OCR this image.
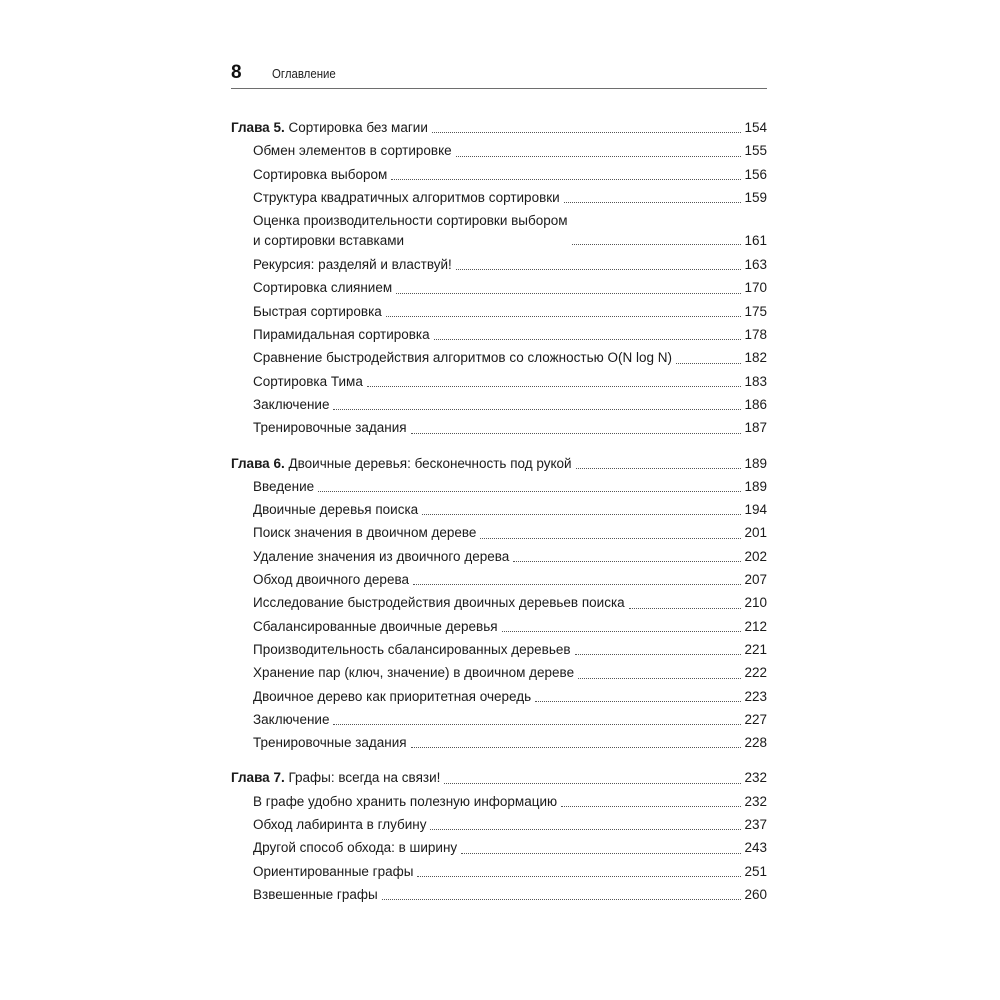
8 Оглавление
Глава 5. Сортировка без магии	154
Обмен элементов в сортировке	155
Сортировка выбором	156
Структура квадратичных алгоритмов сортировки	159
Оценка производительности сортировки выбором
и сортировки вставками	161
Рекурсия: разделяй и властвуй!	163
Сортировка слиянием	170
Быстрая сортировка	175
Пирамидальная сортировка	178
Сравнение быстродействия алгоритмов со сложностью O(N log N)	182
Сортировка Тима	183
Заключение	186
Тренировочные задания	187
Глава 6. Двоичные деревья: бесконечность под рукой	189
Введение	189
Двоичные деревья поиска	194
Поиск значения в двоичном дереве	201
Удаление значения из двоичного дерева	202
Обход двоичного дерева	207
Исследование быстродействия двоичных деревьев поиска	210
Сбалансированные двоичные деревья	212
Производительность сбалансированных деревьев	221
Хранение пар (ключ, значение) в двоичном дереве	222
Двоичное дерево как приоритетная очередь	223
Заключение	227
Тренировочные задания	228
Глава 7. Графы: всегда на связи!	232
В графе удобно хранить полезную информацию	232
Обход лабиринта в глубину	237
Другой способ обхода: в ширину	243
Ориентированные графы	251
Взвешенные графы	260
